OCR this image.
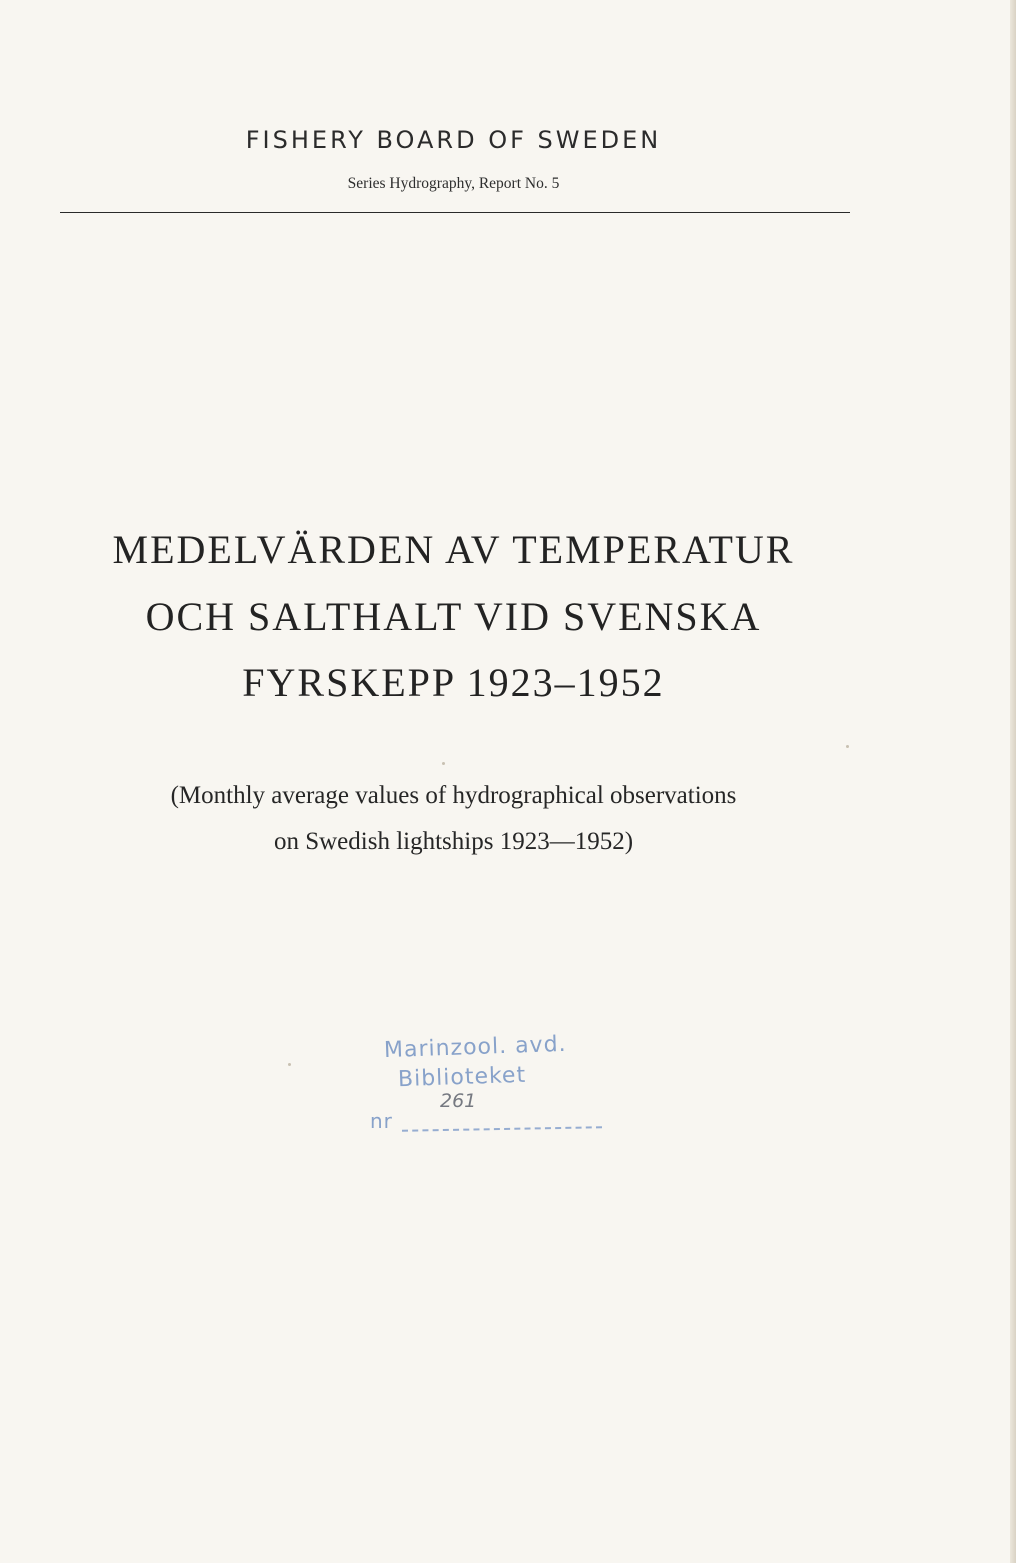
FISHERY BOARD OF SWEDEN
Series Hydrography, Report No. 5
MEDELVÄRDEN AV TEMPERATUR
OCH SALTHALT VID SVENSKA
FYRSKEPP 1923–1952
(Monthly average values of hydrographical observations
on Swedish lightships 1923—1952)
Marinzool. avd.
Biblioteket
261
nr
